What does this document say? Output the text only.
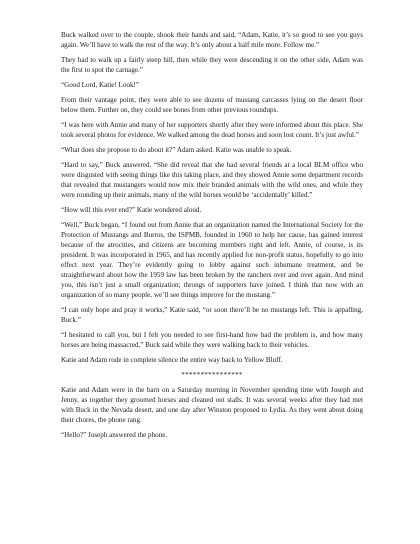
Buck walked over to the couple, shook their hands and said, “Adam, Katie, it’s so good to see you guys again. We’ll have to walk the rest of the way. It’s only about a half mile more. Follow me.”

They had to walk up a fairly steep hill, then while they were descending it on the other side, Adam was the first to spot the carnage.”

“Good Lord, Katie! Look!”

From their vantage point, they were able to see dozens of mustang carcasses lying on the desert floor below them. Further on, they could see bones from other previous roundups.

“I was here with Annie and many of her supporters shortly after they were informed about this place. She took several photos for evidence. We walked among the dead horses and soon lost count. It’s just awful.”

“What does she propose to do about it?” Adam asked. Katie was unable to speak.

“Hard to say,” Buck answered. “She did reveal that she had several friends at a local BLM office who were disgusted with seeing things like this taking place, and they showed Annie some department records that revealed that mustangers would now mix their branded animals with the wild ones, and while they were rounding up their animals, many of the wild horses would be ‘accidentally’ killed.”

“How will this ever end?” Katie wondered aloud.

“Well,” Buck began, “I found out from Annie that an organization named the International Society for the Protection of Mustangs and Burros, the ISPMB, founded in 1960 to help her cause, has gained interest because of the atrocities, and citizens are becoming members right and left. Annie, of course, is its president. It was incorporated in 1965, and has recently applied for non-profit status, hopefully to go into effect next year. They’re evidently going to lobby against such inhumane treatment, and be straightforward about how the 1959 law has been broken by the ranchers over and over again. And mind you, this isn’t just a small organization; throngs of supporters have joined. I think that now with an organization of so many people, we’ll see things improve for the mustang.”

“I can only hope and pray it works,” Katie said, “or soon there’ll be no mustangs left. This is appalling, Buck.”

“I hesitated to call you, but I felt you needed to see first-hand how bad the problem is, and how many horses are being massacred,” Buck said while they were walking back to their vehicles.

Katie and Adam rode in complete silence the entire way back to Yellow Bluff.

****************

Katie and Adam were in the barn on a Saturday morning in November spending time with Joseph and Jenny, as together they groomed horses and cleaned out stalls. It was several weeks after they had met with Buck in the Nevada desert, and one day after Winston proposed to Lydia. As they went about doing their chores, the phone rang.

“Hello?” Joseph answered the phone.
